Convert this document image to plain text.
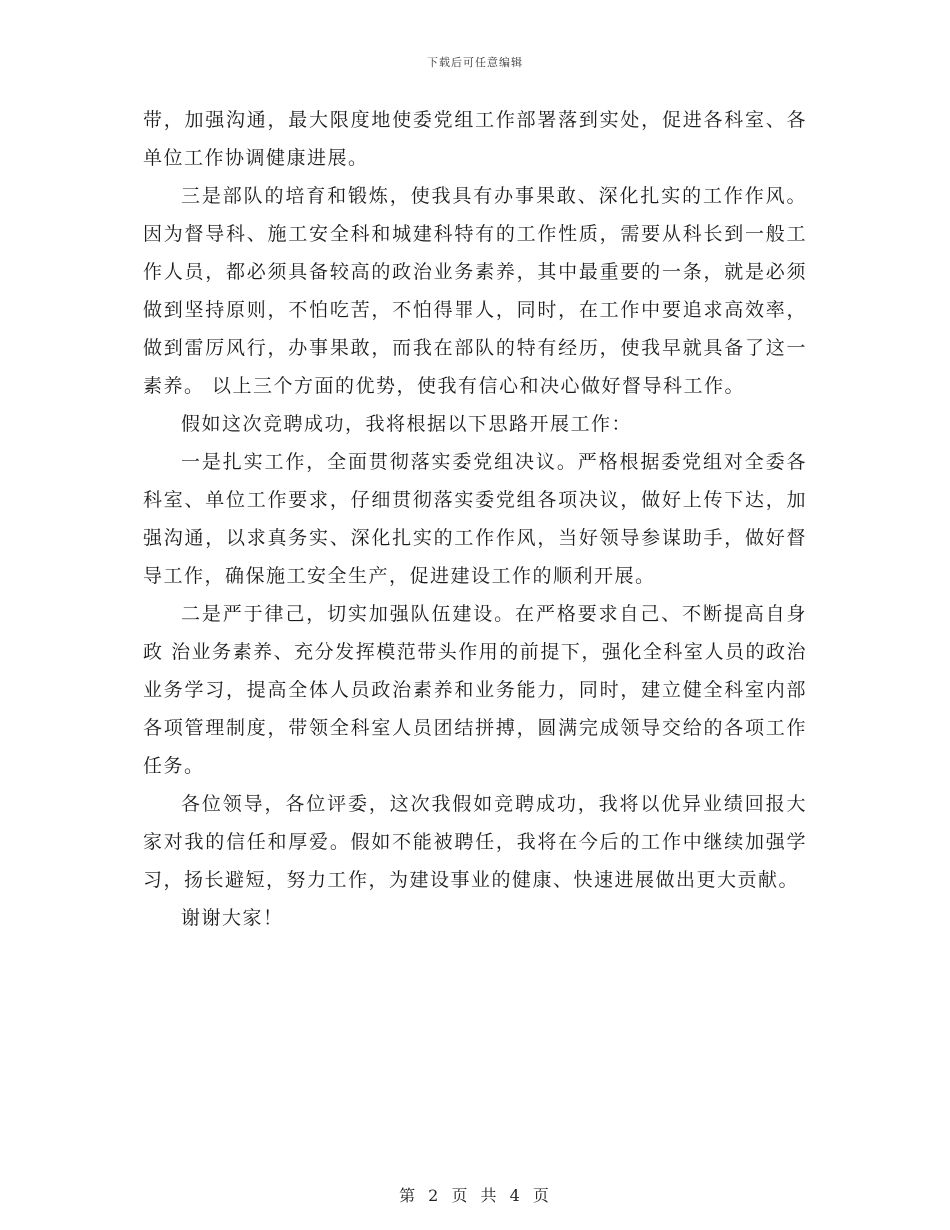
下载后可任意编辑

带，加强沟通，最大限度地使委党组工作部署落到实处，促进各科室、各单位工作协调健康进展。

三是部队的培育和锻炼，使我具有办事果敢、深化扎实的工作作风。因为督导科、施工安全科和城建科特有的工作性质，需要从科长到一般工作人员，都必须具备较高的政治业务素养，其中最重要的一条，就是必须做到坚持原则，不怕吃苦，不怕得罪人，同时，在工作中要追求高效率，做到雷厉风行，办事果敢，而我在部队的特有经历，使我早就具备了这一素养。 以上三个方面的优势，使我有信心和决心做好督导科工作。

假如这次竞聘成功，我将根据以下思路开展工作：

一是扎实工作，全面贯彻落实委党组决议。严格根据委党组对全委各科室、单位工作要求，仔细贯彻落实委党组各项决议，做好上传下达，加强沟通，以求真务实、深化扎实的工作作风，当好领导参谋助手，做好督导工作，确保施工安全生产，促进建设工作的顺利开展。

二是严于律己，切实加强队伍建设。在严格要求自己、不断提高自身政 治业务素养、充分发挥模范带头作用的前提下，强化全科室人员的政治业务学习，提高全体人员政治素养和业务能力，同时，建立健全科室内部各项管理制度，带领全科室人员团结拼搏，圆满完成领导交给的各项工作任务。

各位领导，各位评委，这次我假如竞聘成功，我将以优异业绩回报大家对我的信任和厚爱。假如不能被聘任，我将在今后的工作中继续加强学习，扬长避短，努力工作，为建设事业的健康、快速进展做出更大贡献。

谢谢大家！

第 2 页 共 4 页
